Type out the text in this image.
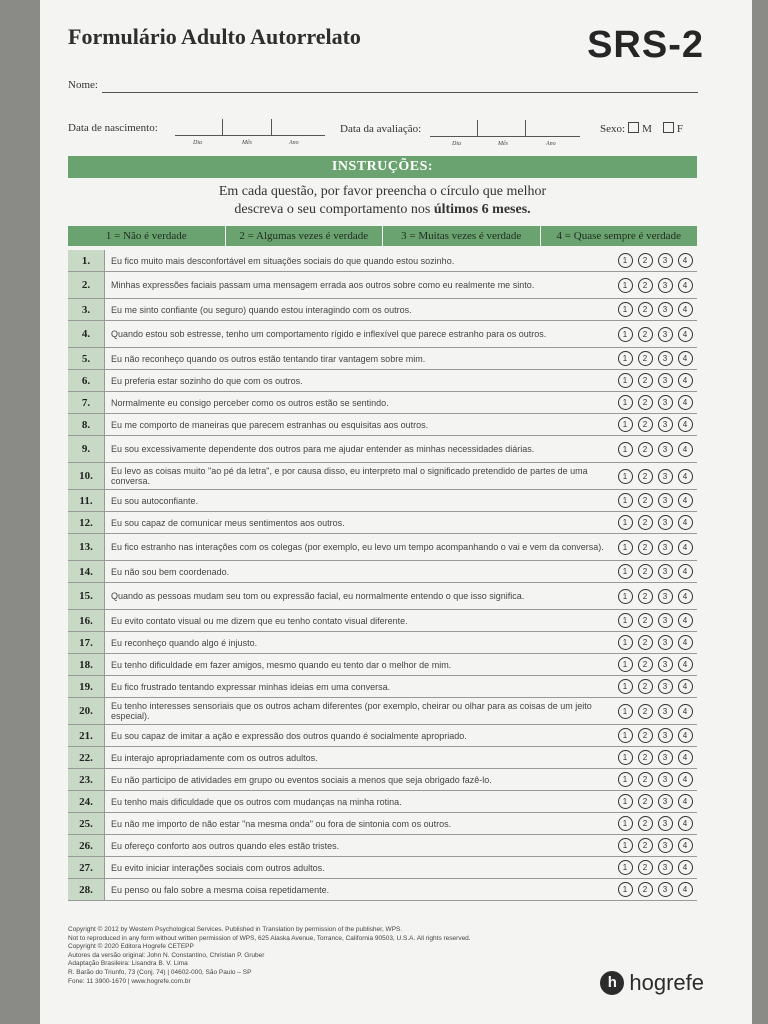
Formulário Adulto Autorrelato	SRS-2
Nome:
Data de nascimento:
Dia	Mês	Ano
Data da avaliação:
Dia	Mês	Ano
Sexo: M F
INSTRUÇÕES:
Em cada questão, por favor preencha o círculo que melhor
descreva o seu comportamento nos últimos 6 meses.
1 = Não é verdade	2 = Algumas vezes é verdade	3 = Muitas vezes é verdade	4 = Quase sempre é verdade
1.	Eu fico muito mais desconfortável em situações sociais do que quando estou sozinho.	1	2	3	4
2.	Minhas expressões faciais passam uma mensagem errada aos outros sobre como eu realmente me sinto.	1	2	3	4
3.	Eu me sinto confiante (ou seguro) quando estou interagindo com os outros.	1	2	3	4
4.	Quando estou sob estresse, tenho um comportamento rígido e inflexível que parece estranho para os outros.	1	2	3	4
5.	Eu não reconheço quando os outros estão tentando tirar vantagem sobre mim.	1	2	3	4
6.	Eu preferia estar sozinho do que com os outros.	1	2	3	4
7.	Normalmente eu consigo perceber como os outros estão se sentindo.	1	2	3	4
8.	Eu me comporto de maneiras que parecem estranhas ou esquisitas aos outros.	1	2	3	4
9.	Eu sou excessivamente dependente dos outros para me ajudar entender as minhas necessidades diárias.	1	2	3	4
10.	Eu levo as coisas muito "ao pé da letra", e por causa disso, eu interpreto mal o significado pretendido de partes de uma conversa.	1	2	3	4
11.	Eu sou autoconfiante.	1	2	3	4
12.	Eu sou capaz de comunicar meus sentimentos aos outros.	1	2	3	4
13.	Eu fico estranho nas interações com os colegas (por exemplo, eu levo um tempo acompanhando o vai e vem da conversa).	1	2	3	4
14.	Eu não sou bem coordenado.	1	2	3	4
15.	Quando as pessoas mudam seu tom ou expressão facial, eu normalmente entendo o que isso significa.	1	2	3	4
16.	Eu evito contato visual ou me dizem que eu tenho contato visual diferente.	1	2	3	4
17.	Eu reconheço quando algo é injusto.	1	2	3	4
18.	Eu tenho dificuldade em fazer amigos, mesmo quando eu tento dar o melhor de mim.	1	2	3	4
19.	Eu fico frustrado tentando expressar minhas ideias em uma conversa.	1	2	3	4
20.	Eu tenho interesses sensoriais que os outros acham diferentes (por exemplo, cheirar ou olhar para as coisas de um jeito especial).	1	2	3	4
21.	Eu sou capaz de imitar a ação e expressão dos outros quando é socialmente apropriado.	1	2	3	4
22.	Eu interajo apropriadamente com os outros adultos.	1	2	3	4
23.	Eu não participo de atividades em grupo ou eventos sociais a menos que seja obrigado fazê-lo.	1	2	3	4
24.	Eu tenho mais dificuldade que os outros com mudanças na minha rotina.	1	2	3	4
25.	Eu não me importo de não estar "na mesma onda" ou fora de sintonia com os outros.	1	2	3	4
26.	Eu ofereço conforto aos outros quando eles estão tristes.	1	2	3	4
27.	Eu evito iniciar interações sociais com outros adultos.	1	2	3	4
28.	Eu penso ou falo sobre a mesma coisa repetidamente.	1	2	3	4
Copyright © 2012 by Western Psychological Services. Published in Translation by permission of the publisher, WPS.
Not to reproduced in any form without written permission of WPS, 625 Alaska Avenue, Torrance, California 90503, U.S.A. All rights reserved.
Copyright © 2020 Editora Hogrefe CETEPP
Autores da versão original: John N. Constantino, Christian P. Gruber
Adaptação Brasileira: Lisandra B. V. Lima
R. Barão do Triunfo, 73 (Conj. 74) | 04602-000, São Paulo – SP
Fone: 11 3900-1670 | www.hogrefe.com.br	h hogrefe
